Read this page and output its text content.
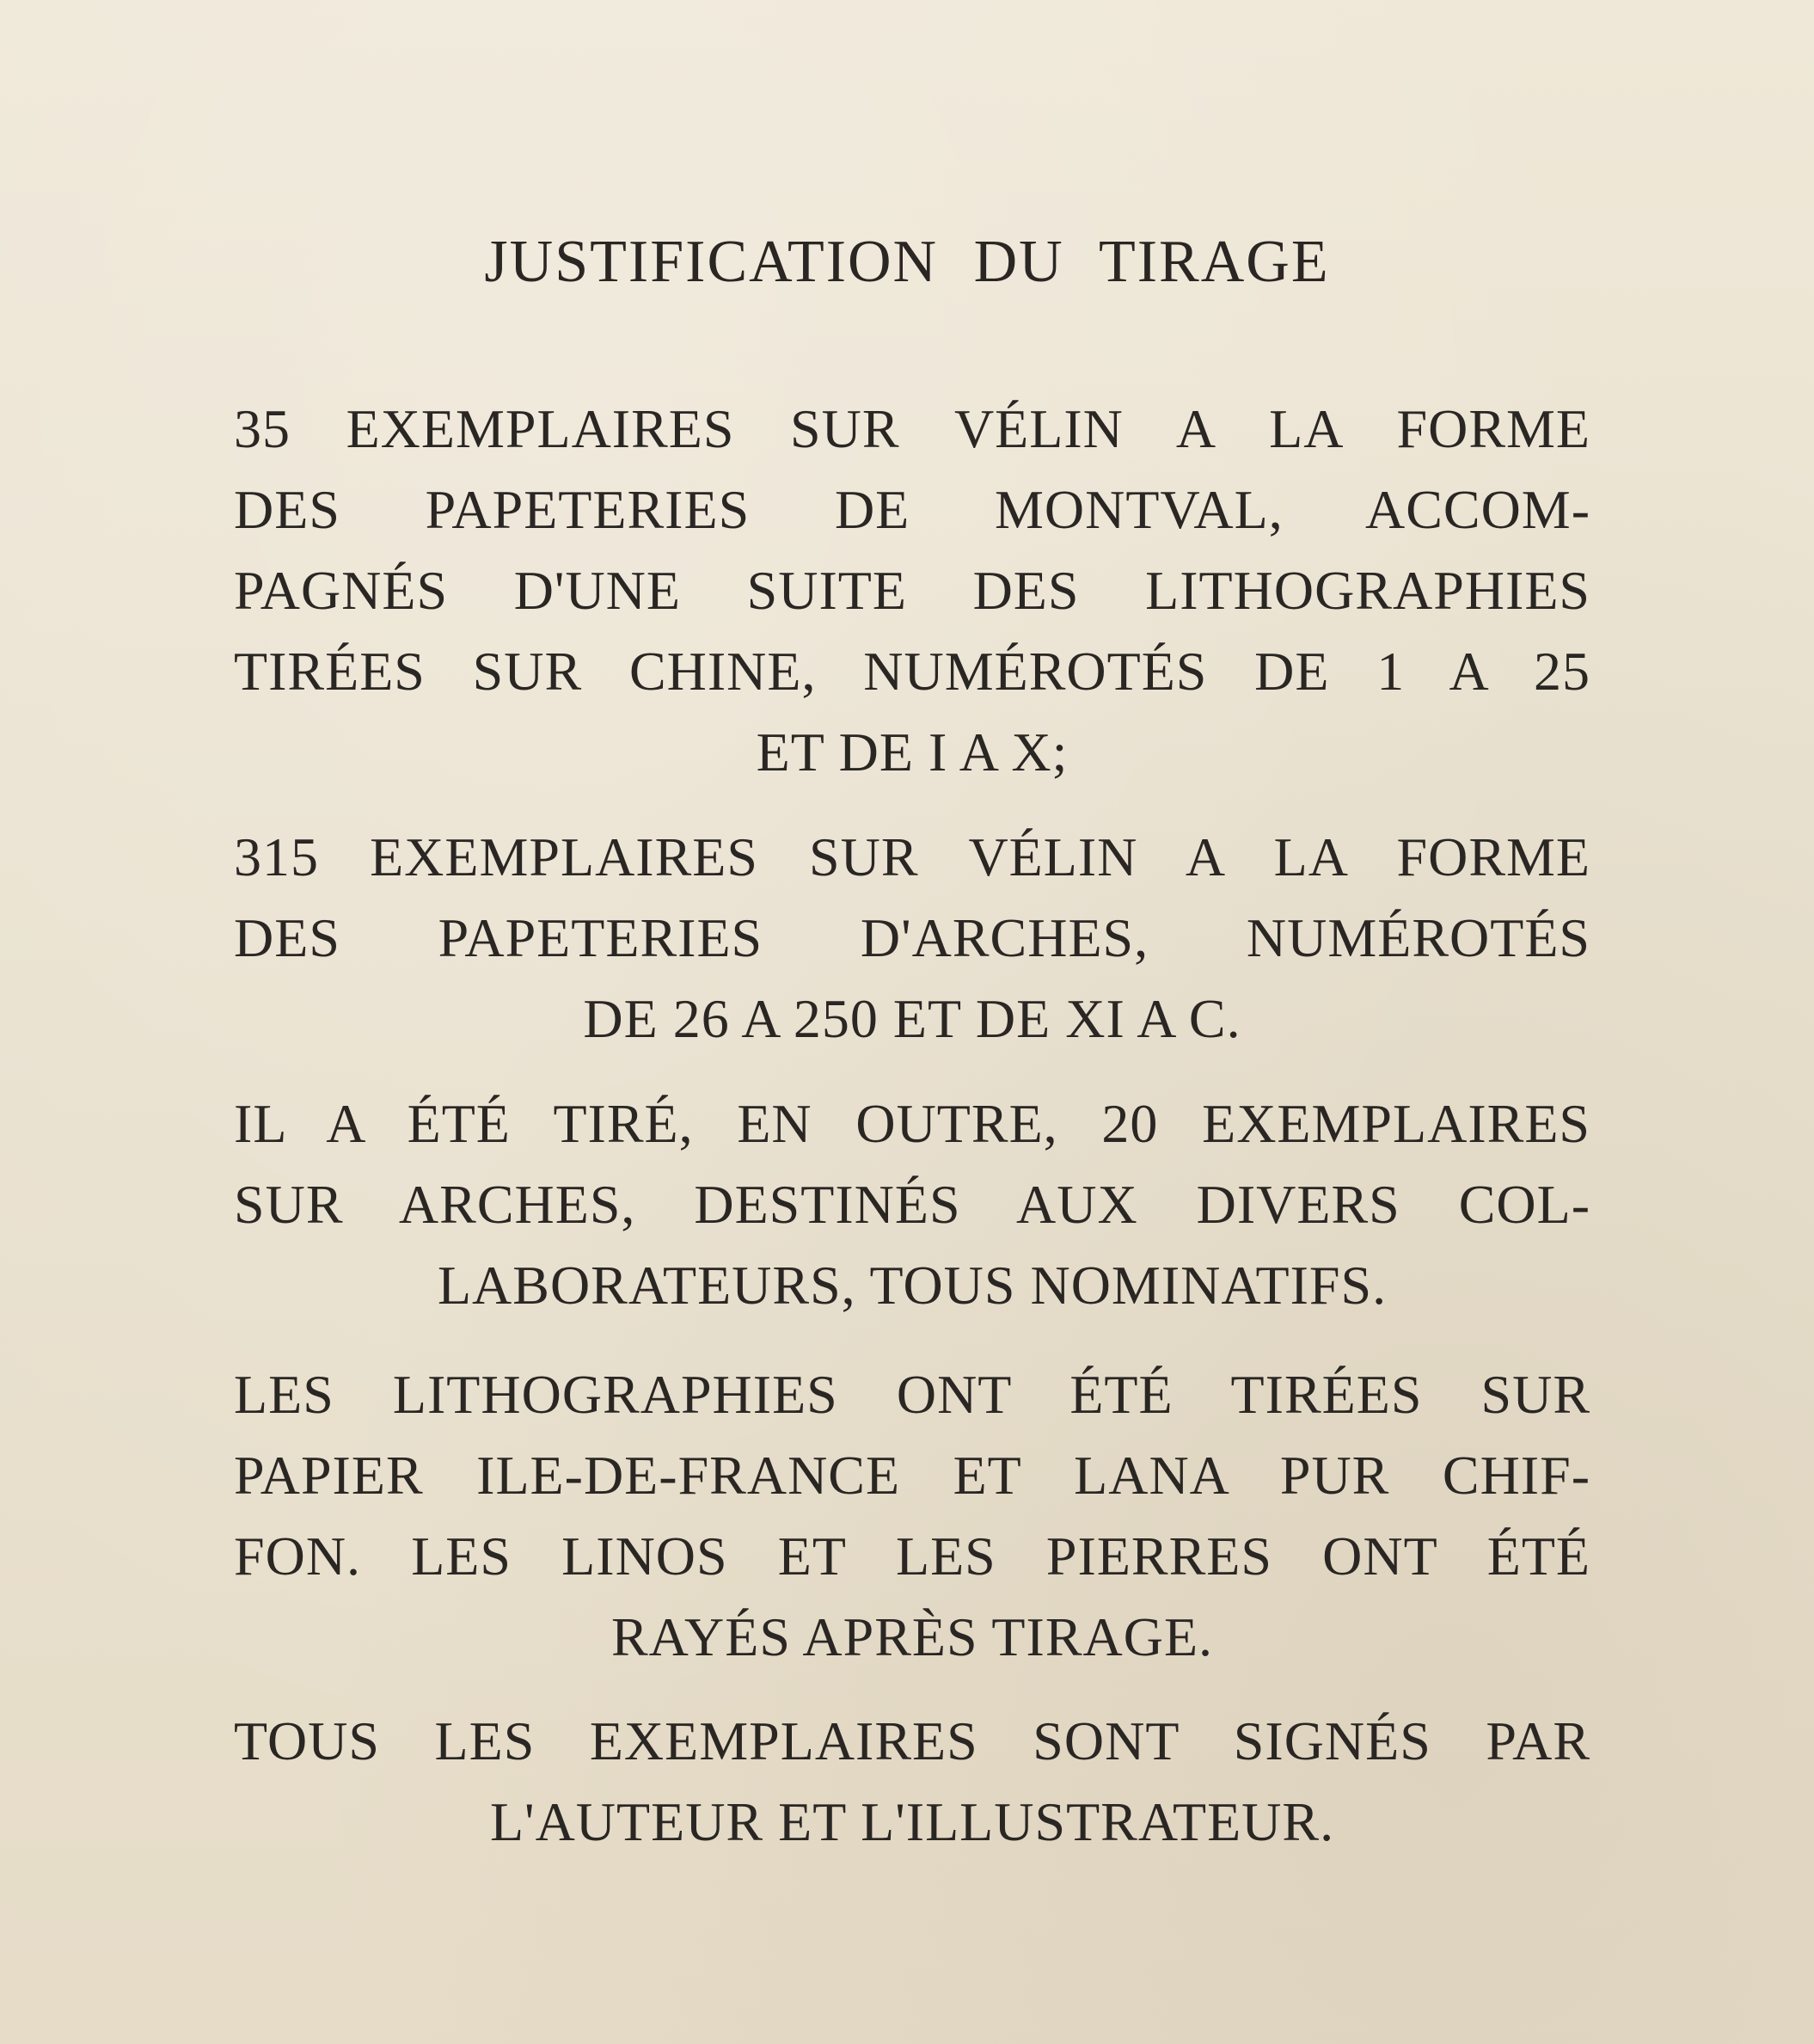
JUSTIFICATION DU TIRAGE
35 EXEMPLAIRES SUR VÉLIN A LA FORME
DES PAPETERIES DE MONTVAL, ACCOM-
PAGNÉS D'UNE SUITE DES LITHOGRAPHIES
TIRÉES SUR CHINE, NUMÉROTÉS DE 1 A 25
ET DE I A X;
315 EXEMPLAIRES SUR VÉLIN A LA FORME
DES PAPETERIES D'ARCHES, NUMÉROTÉS
DE 26 A 250 ET DE XI A C.
IL A ÉTÉ TIRÉ, EN OUTRE, 20 EXEMPLAIRES
SUR ARCHES, DESTINÉS AUX DIVERS COL-
LABORATEURS, TOUS NOMINATIFS.
LES LITHOGRAPHIES ONT ÉTÉ TIRÉES SUR
PAPIER ILE-DE-FRANCE ET LANA PUR CHIF-
FON. LES LINOS ET LES PIERRES ONT ÉTÉ
RAYÉS APRÈS TIRAGE.
TOUS LES EXEMPLAIRES SONT SIGNÉS PAR
L'AUTEUR ET L'ILLUSTRATEUR.
